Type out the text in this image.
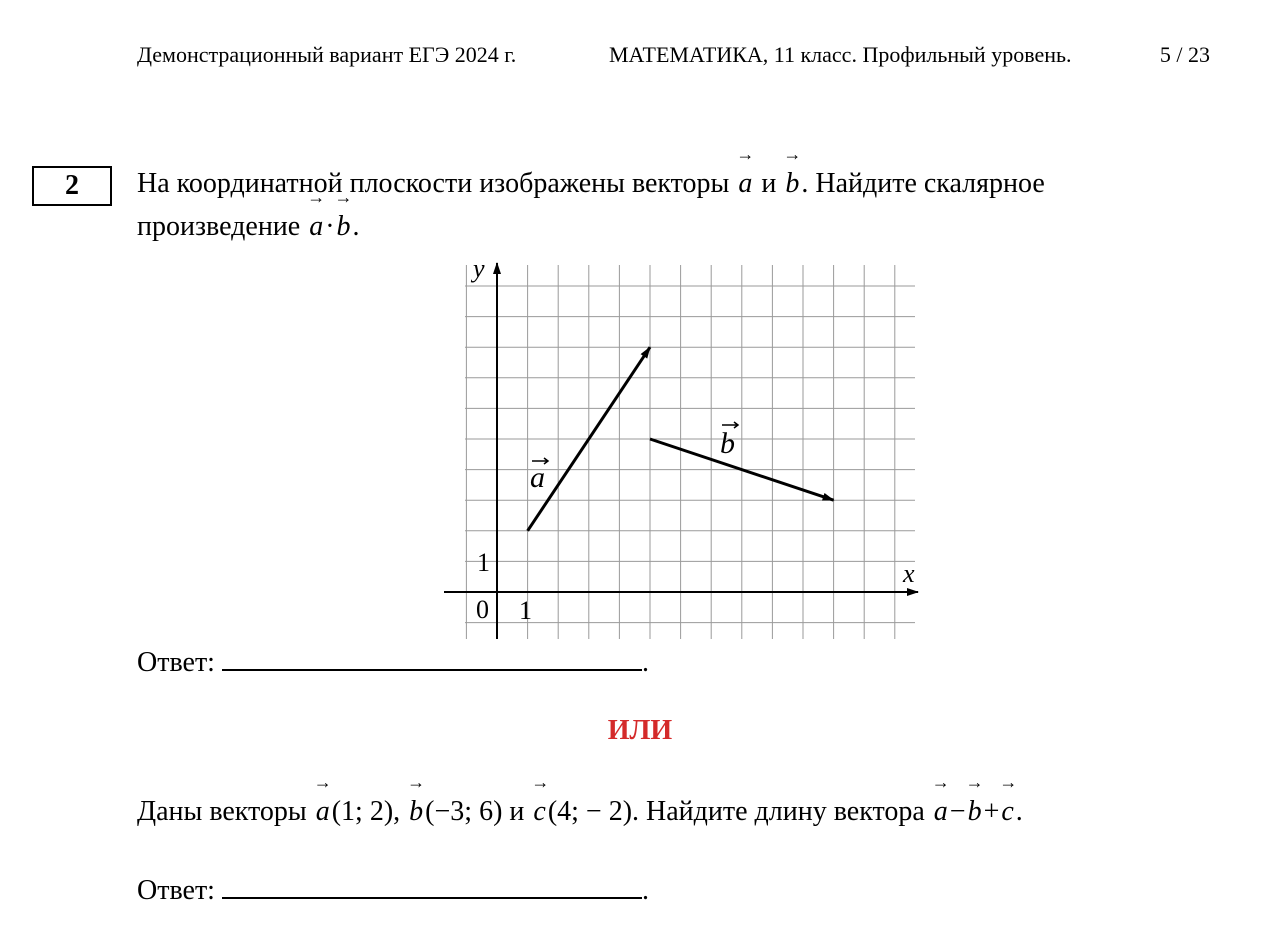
Демонстрационный вариант ЕГЭ 2024 г.	МАТЕМАТИКА, 11 класс. Профильный уровень.	5 / 23
2 На координатной плоскости изображены векторы → a и → b. Найдите скалярное
произведение → a·→ b.
x
y
0 1
1
a
b
Ответ:	.
ИЛИ
Даны векторы → a(1; 2), → b(−3; 6) и → c(4; − 2). Найдите длину вектора → a−→ b+→ c.
Ответ:	.
